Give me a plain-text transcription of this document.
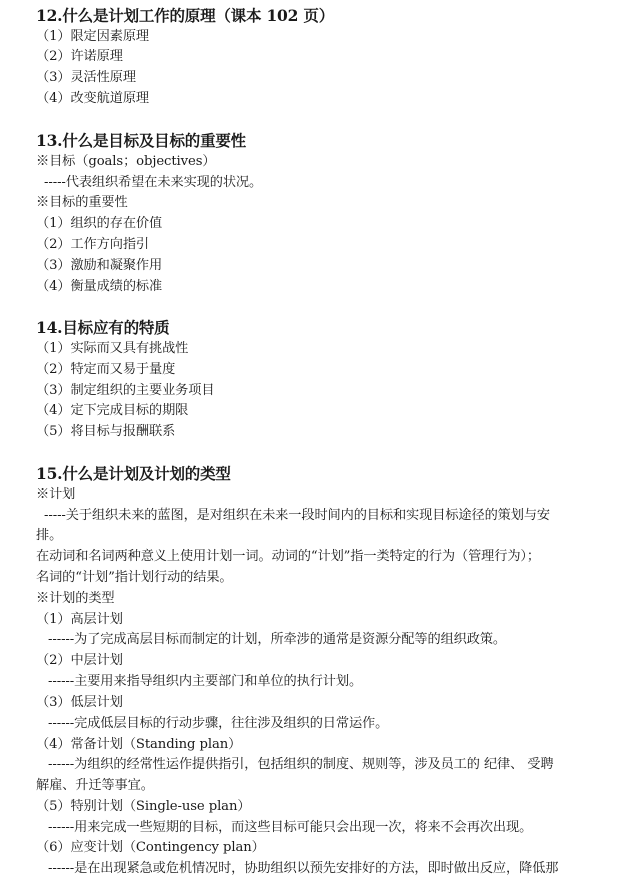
12.什么是计划工作的原理（课本 102 页）
（1）限定因素原理
（2）许诺原理
（3）灵活性原理
（4）改变航道原理
13.什么是目标及目标的重要性
※目标（goals；objectives）
-----代表组织希望在未来实现的状况。
※目标的重要性
（1）组织的存在价值
（2）工作方向指引
（3）激励和凝聚作用
（4）衡量成绩的标准
14.目标应有的特质
（1）实际而又具有挑战性
（2）特定而又易于量度
（3）制定组织的主要业务项目
（4）定下完成目标的期限
（5）将目标与报酬联系
15.什么是计划及计划的类型
※计划
-----关于组织未来的蓝图，是对组织在未来一段时间内的目标和实现目标途径的策划与安
排。
在动词和名词两种意义上使用计划一词。动词的“计划”指一类特定的行为（管理行为）；
名词的“计划”指计划行动的结果。
※计划的类型
（1）高层计划
------为了完成高层目标而制定的计划，所牵涉的通常是资源分配等的组织政策。
（2）中层计划
------主要用来指导组织内主要部门和单位的执行计划。
（3）低层计划
------完成低层目标的行动步骤，往往涉及组织的日常运作。
（4）常备计划（Standing plan）
------为组织的经常性运作提供指引，包括组织的制度、规则等，涉及员工的 纪律、 受聘
解雇、升迁等事宜。
（5）特别计划（Single-use plan）
------用来完成一些短期的目标，而这些目标可能只会出现一次，将来不会再次出现。
（6）应变计划（Contingency plan）
------是在出现紧急或危机情况时，协助组织以预先安排好的方法，即时做出反应，降低那
